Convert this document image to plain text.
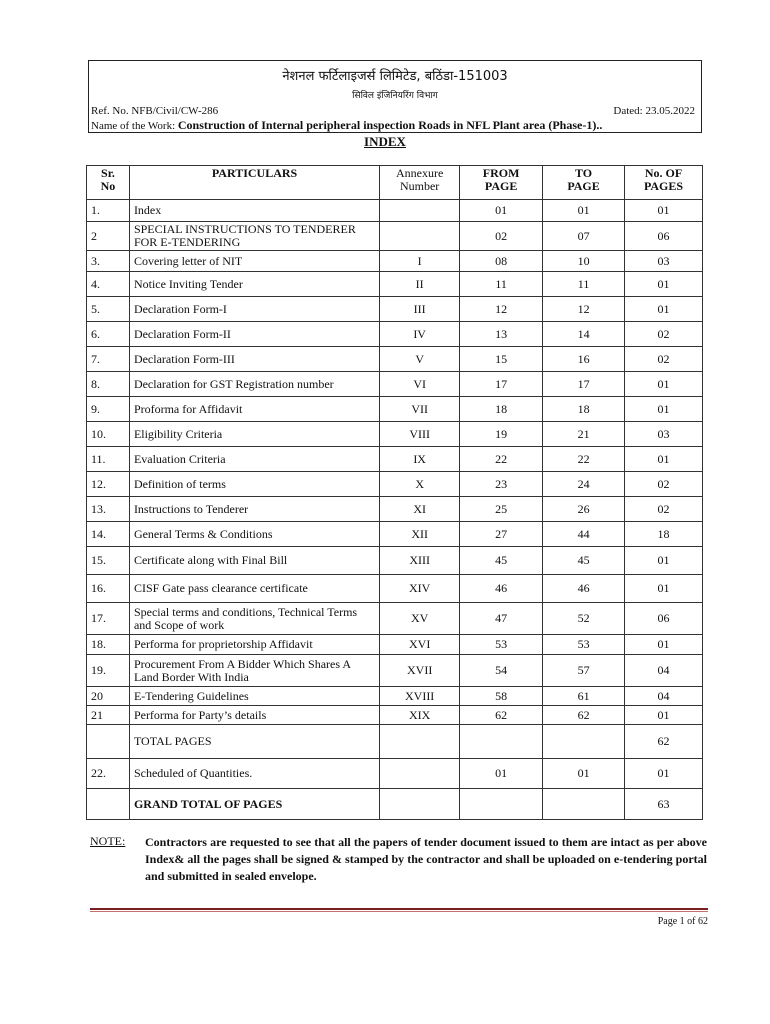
नेशनल फर्टिलाइजर्स लिमिटेड, बठिंडा-151003
सिविल इंजिनियरिंग विभाग
Ref. No. NFB/Civil/CW-286	Dated: 23.05.2022
Name of the Work: Construction of Internal peripheral inspection Roads in NFL Plant area (Phase-1)..
INDEX
Sr. No	PARTICULARS	Annexure Number	FROM PAGE	TO PAGE	No. OF PAGES
1.	Index		01	01	01
2	SPECIAL INSTRUCTIONS TO TENDERER FOR E-TENDERING		02	07	06
3.	Covering letter of NIT	I	08	10	03
4.	Notice Inviting Tender	II	11	11	01
5.	Declaration Form-I	III	12	12	01
6.	Declaration Form-II	IV	13	14	02
7.	Declaration Form-III	V	15	16	02
8.	Declaration for GST Registration number	VI	17	17	01
9.	Proforma for Affidavit	VII	18	18	01
10.	Eligibility Criteria	VIII	19	21	03
11.	Evaluation Criteria	IX	22	22	01
12.	Definition of terms	X	23	24	02
13.	Instructions to Tenderer	XI	25	26	02
14.	General Terms & Conditions	XII	27	44	18
15.	Certificate along with Final Bill	XIII	45	45	01
16.	CISF Gate pass clearance certificate	XIV	46	46	01
17.	Special terms and conditions, Technical Terms and Scope of work	XV	47	52	06
18.	Performa for proprietorship Affidavit	XVI	53	53	01
19.	Procurement From A Bidder Which Shares A Land Border With India	XVII	54	57	04
20	E-Tendering Guidelines	XVIII	58	61	04
21	Performa for Party’s details	XIX	62	62	01
	TOTAL PAGES				62
22.	Scheduled of Quantities.		01	01	01
	GRAND TOTAL OF PAGES				63
NOTE: Contractors are requested to see that all the papers of tender document issued to them are intact as per above Index& all the pages shall be signed & stamped by the contractor and shall be uploaded on e-tendering portal and submitted in sealed envelope.
Page 1 of 62
